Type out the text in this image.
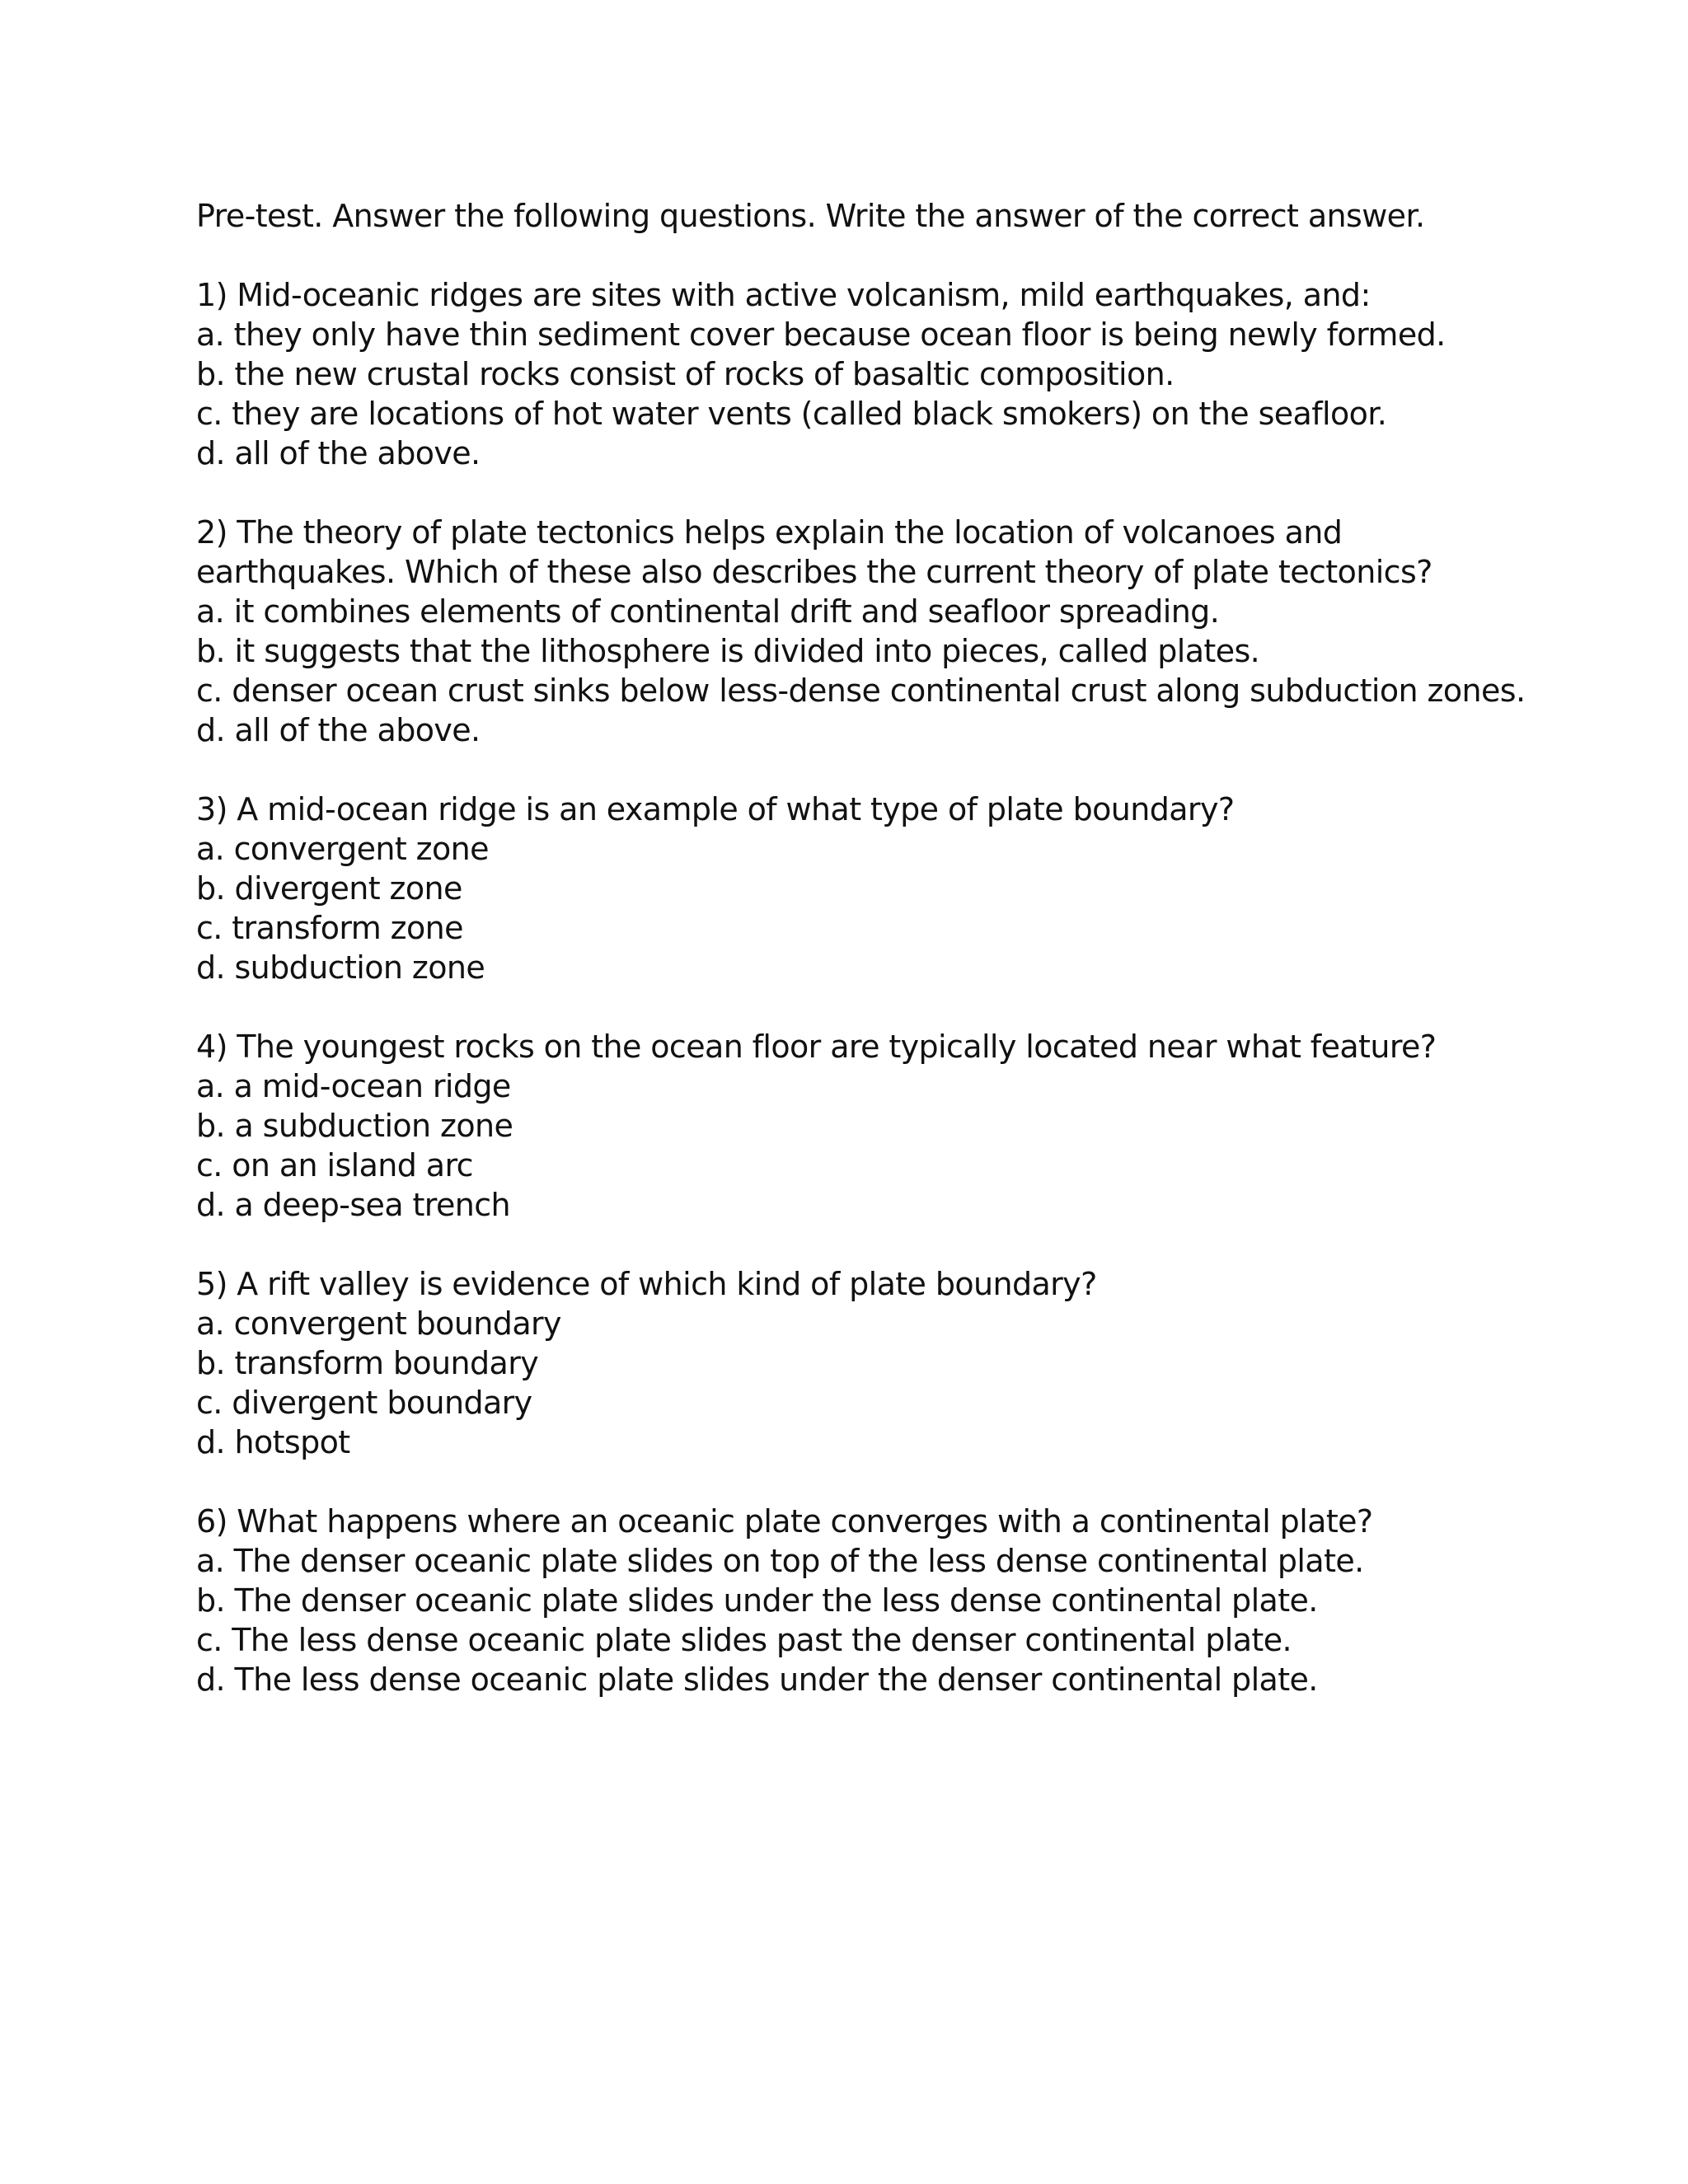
Pre-test. Answer the following questions. Write the answer of the correct answer.
1) Mid-oceanic ridges are sites with active volcanism, mild earthquakes, and:
a. they only have thin sediment cover because ocean floor is being newly formed.
b. the new crustal rocks consist of rocks of basaltic composition.
c. they are locations of hot water vents (called black smokers) on the seafloor.
d. all of the above.
2) The theory of plate tectonics helps explain the location of volcanoes and
earthquakes. Which of these also describes the current theory of plate tectonics?
a. it combines elements of continental drift and seafloor spreading.
b. it suggests that the lithosphere is divided into pieces, called plates.
c. denser ocean crust sinks below less-dense continental crust along subduction zones.
d. all of the above.
3) A mid-ocean ridge is an example of what type of plate boundary?
a. convergent zone
b. divergent zone
c. transform zone
d. subduction zone
4) The youngest rocks on the ocean floor are typically located near what feature?
a. a mid-ocean ridge
b. a subduction zone
c. on an island arc
d. a deep-sea trench
5) A rift valley is evidence of which kind of plate boundary?
a. convergent boundary
b. transform boundary
c. divergent boundary
d. hotspot
6) What happens where an oceanic plate converges with a continental plate?
a. The denser oceanic plate slides on top of the less dense continental plate.
b. The denser oceanic plate slides under the less dense continental plate.
c. The less dense oceanic plate slides past the denser continental plate.
d. The less dense oceanic plate slides under the denser continental plate.
